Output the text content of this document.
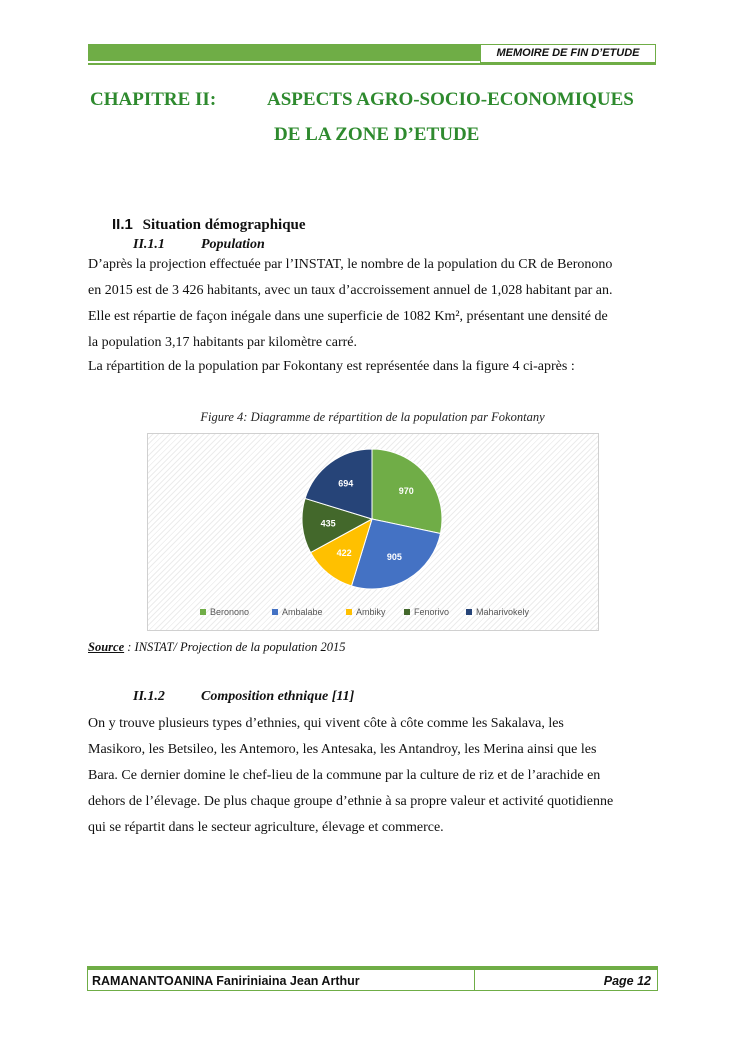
MEMOIRE DE FIN D’ETUDE
CHAPITRE II:	ASPECTS AGRO-SOCIO-ECONOMIQUES
DE LA ZONE D’ETUDE
II.1 Situation démographique
II.1.1	Population
D’après la projection effectuée par l’INSTAT, le nombre de la population du CR de Beronono
en 2015 est de 3 426 habitants, avec un taux d’accroissement annuel de 1,028 habitant par an.
Elle est répartie de façon inégale dans une superficie de 1082 Km², présentant une densité de
la population 3,17 habitants par kilomètre carré.
La répartition de la population par Fokontany est représentée dans la figure 4 ci-après :
Figure 4: Diagramme de répartition de la population par Fokontany
970
905
422
435
694
Beronono	Ambalabe	Ambiky	Fenorivo	Maharivokely
Source : INSTAT/ Projection de la population 2015
II.1.2	Composition ethnique [11]
On y trouve plusieurs types d’ethnies, qui vivent côte à côte comme les Sakalava, les
Masikoro, les Betsileo, les Antemoro, les Antesaka, les Antandroy, les Merina ainsi que les
Bara. Ce dernier domine le chef-lieu de la commune par la culture de riz et de l’arachide en
dehors de l’élevage. De plus chaque groupe d’ethnie à sa propre valeur et activité quotidienne
qui se répartit dans le secteur agriculture, élevage et commerce.
RAMANANTOANINA Faniriniaina Jean Arthur	Page 12
